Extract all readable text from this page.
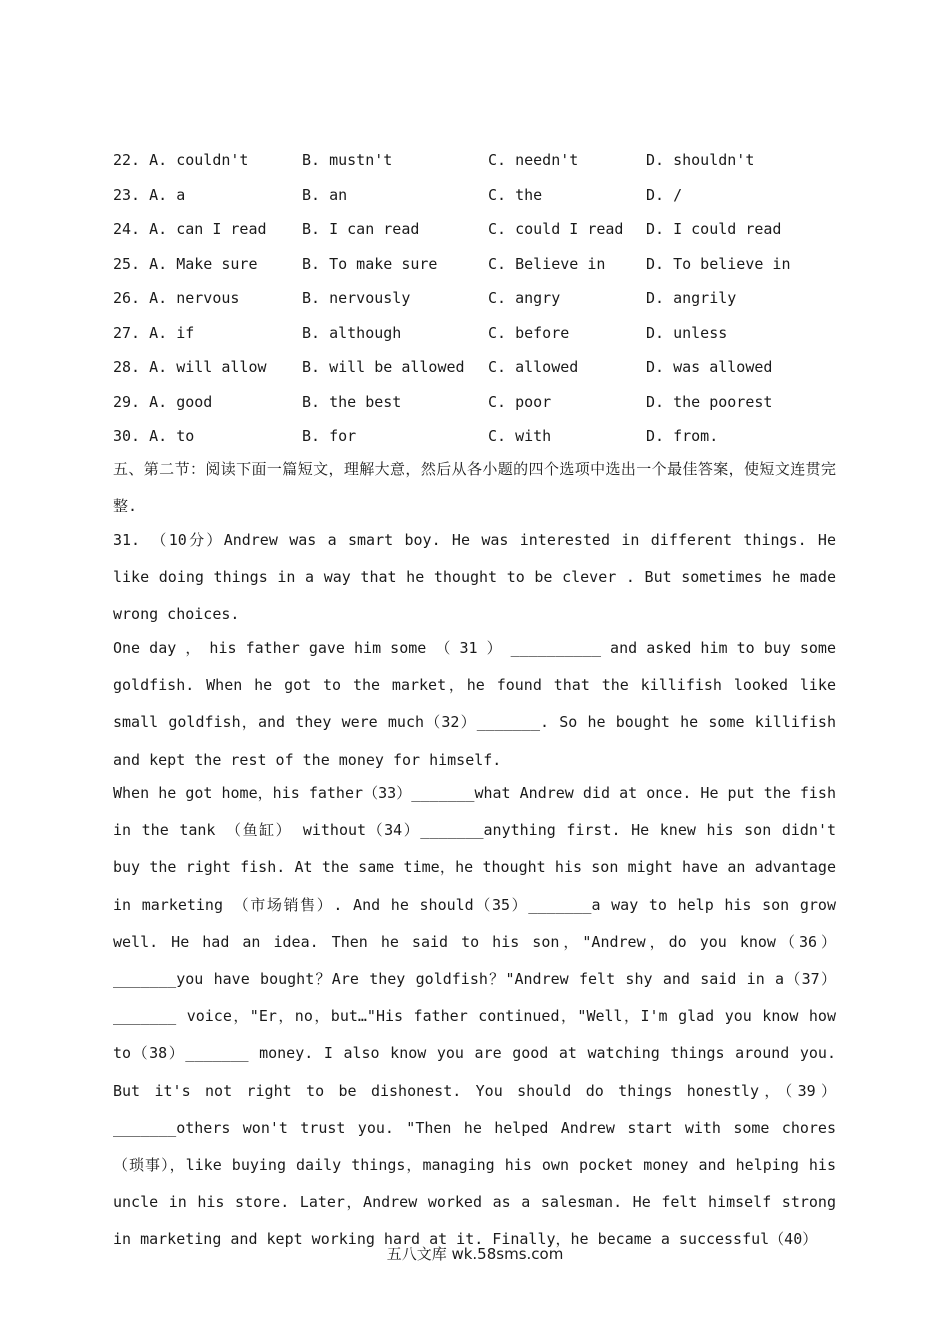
22. A. couldn't	B. mustn't	C. needn't	D. shouldn't
23. A. a	B. an	C. the	D. /
24. A. can I read B. I can read	C. could I read D. I could read
25. A. Make sure	B. To make sure	C. Believe in	D. To believe in
26. A. nervous	B. nervously	C. angry	D. angrily
27. A. if	B. although	C. before	D. unless
28. A. will allow B. will be allowed C. allowed	D. was allowed
29. A. good	B. the best	C. poor	D. the poorest
30. A. to	B. for	C. with	D. from.

五、第二节：阅读下面一篇短文，理解大意，然后从各小题的四个选项中选出一个最佳答案，使短文连贯完整.

31. （10分）Andrew was a smart boy. He was interested in different things. He like doing things in a way that he thought to be clever . But sometimes he made wrong choices.

One day ， his father gave him some （ 31 ） __________ and asked him to buy some goldfish. When he got to the market，he found that the killifish looked like small goldfish，and they were much（32）_______. So he bought he some killifish and kept the rest of the money for himself.

When he got home，his father（33）_______what Andrew did at once. He put the fish in the tank （鱼缸） without（34）_______anything first. He knew his son didn't buy the right fish. At the same time，he thought his son might have an advantage in marketing （市场销售）. And he should（35）_______a way to help his son grow well. He had an idea. Then he said to his son，"Andrew，do you know（36）_______you have bought？Are they goldfish？"Andrew felt shy and said in a（37）_______ voice，"Er，no，but…"His father continued，"Well，I'm glad you know how to（38）_______ money. I also know you are good at watching things around you. But it's not right to be dishonest. You should do things honestly，（39）_______others won't trust you. "Then he helped Andrew start with some chores （琐事），like buying daily things，managing his own pocket money and helping his uncle in his store. Later，Andrew worked as a salesman. He felt himself strong in marketing and kept working hard at it. Finally，he became a successful（40）

五八文库 wk.58sms.com
